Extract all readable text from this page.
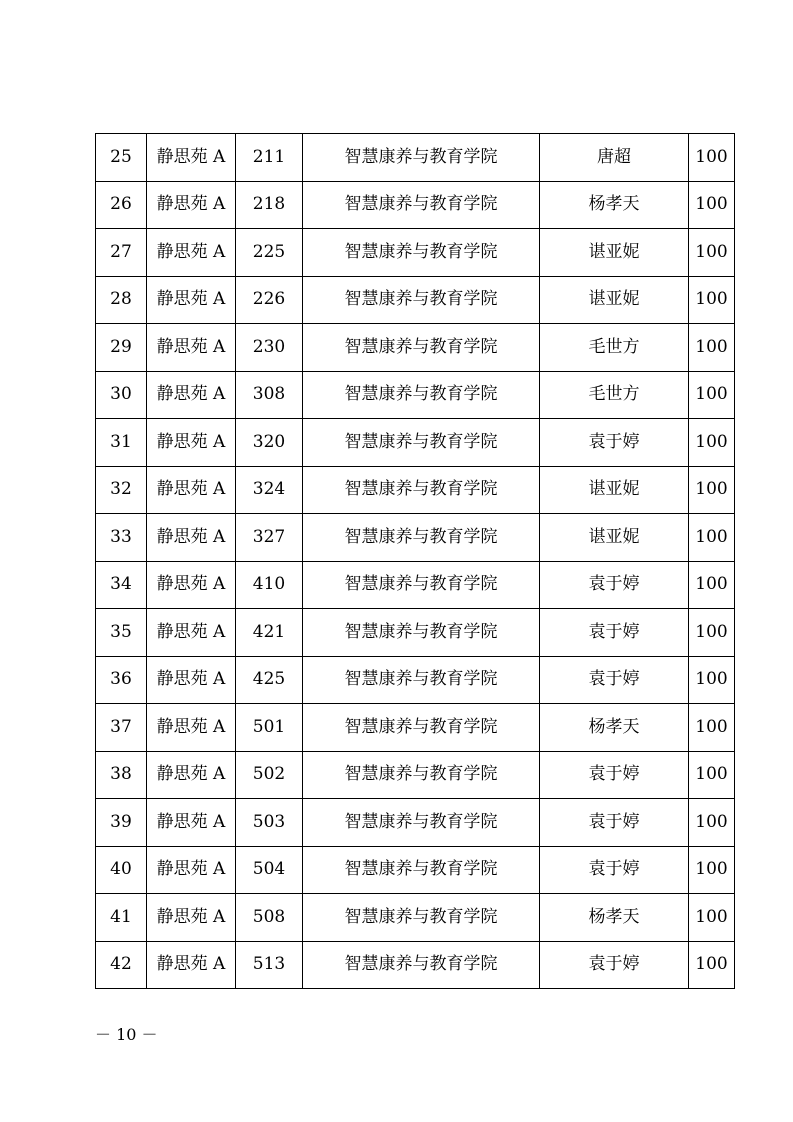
25	静思苑 A	211	智慧康养与教育学院	唐超	100
26	静思苑 A	218	智慧康养与教育学院	杨孝天	100
27	静思苑 A	225	智慧康养与教育学院	谌亚妮	100
28	静思苑 A	226	智慧康养与教育学院	谌亚妮	100
29	静思苑 A	230	智慧康养与教育学院	毛世方	100
30	静思苑 A	308	智慧康养与教育学院	毛世方	100
31	静思苑 A	320	智慧康养与教育学院	袁于婷	100
32	静思苑 A	324	智慧康养与教育学院	谌亚妮	100
33	静思苑 A	327	智慧康养与教育学院	谌亚妮	100
34	静思苑 A	410	智慧康养与教育学院	袁于婷	100
35	静思苑 A	421	智慧康养与教育学院	袁于婷	100
36	静思苑 A	425	智慧康养与教育学院	袁于婷	100
37	静思苑 A	501	智慧康养与教育学院	杨孝天	100
38	静思苑 A	502	智慧康养与教育学院	袁于婷	100
39	静思苑 A	503	智慧康养与教育学院	袁于婷	100
40	静思苑 A	504	智慧康养与教育学院	袁于婷	100
41	静思苑 A	508	智慧康养与教育学院	杨孝天	100
42	静思苑 A	513	智慧康养与教育学院	袁于婷	100
－ 10 －
